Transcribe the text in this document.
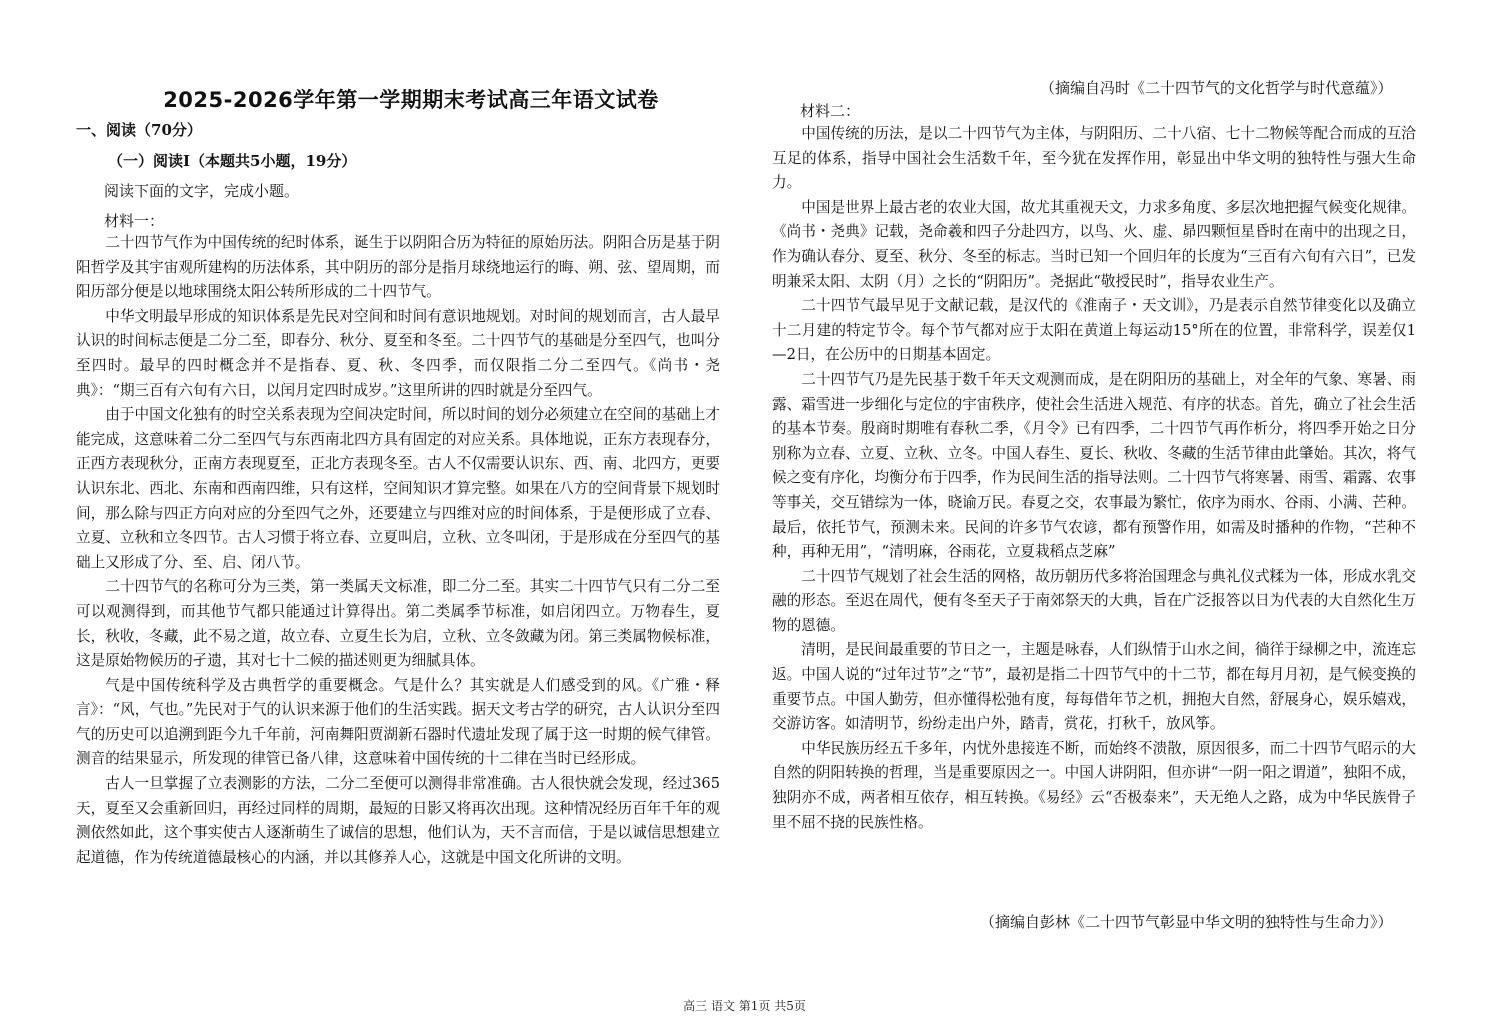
2025-2026学年第一学期期末考试高三年语文试卷
一、阅读（70分）
（一）阅读Ⅰ（本题共5小题，19分）
阅读下面的文字，完成小题。
材料一：

二十四节气作为中国传统的纪时体系，诞生于以阴阳合历为特征的原始历法。阴阳合历是基于阴阳哲学及其宇宙观所建构的历法体系，其中阴历的部分是指月球绕地运行的晦、朔、弦、望周期，而阳历部分便是以地球围绕太阳公转所形成的二十四节气。

中华文明最早形成的知识体系是先民对空间和时间有意识地规划。对时间的规划而言，古人最早认识的时间标志便是二分二至，即春分、秋分、夏至和冬至。二十四节气的基础是分至四气，也叫分至四时。最早的四时概念并不是指春、夏、秋、冬四季，而仅限指二分二至四气。《尚书・尧典》：“期三百有六旬有六日，以闰月定四时成岁。”这里所讲的四时就是分至四气。

由于中国文化独有的时空关系表现为空间决定时间，所以时间的划分必须建立在空间的基础上才能完成，这意味着二分二至四气与东西南北四方具有固定的对应关系。具体地说，正东方表现春分，正西方表现秋分，正南方表现夏至，正北方表现冬至。古人不仅需要认识东、西、南、北四方，更要认识东北、西北、东南和西南四维，只有这样，空间知识才算完整。如果在八方的空间背景下规划时间，那么除与四正方向对应的分至四气之外，还要建立与四维对应的时间体系，于是便形成了立春、立夏、立秋和立冬四节。古人习惯于将立春、立夏叫启，立秋、立冬叫闭，于是形成在分至四气的基础上又形成了分、至、启、闭八节。

二十四节气的名称可分为三类，第一类属天文标准，即二分二至。其实二十四节气只有二分二至可以观测得到，而其他节气都只能通过计算得出。第二类属季节标准，如启闭四立。万物春生，夏长，秋收，冬藏，此不易之道，故立春、立夏生长为启，立秋、立冬敛藏为闭。第三类属物候标准，这是原始物候历的孑遗，其对七十二候的描述则更为细腻具体。

气是中国传统科学及古典哲学的重要概念。气是什么？其实就是人们感受到的风。《广雅・释言》：“风，气也。”先民对于气的认识来源于他们的生活实践。据天文考古学的研究，古人认识分至四气的历史可以追溯到距今九千年前，河南舞阳贾湖新石器时代遗址发现了属于这一时期的候气律管。测音的结果显示，所发现的律管已备八律，这意味着中国传统的十二律在当时已经形成。

古人一旦掌握了立表测影的方法，二分二至便可以测得非常准确。古人很快就会发现，经过365天，夏至又会重新回归，再经过同样的周期，最短的日影又将再次出现。这种情况经历百年千年的观测依然如此，这个事实使古人逐渐萌生了诚信的思想，他们认为，天不言而信，于是以诚信思想建立起道德，作为传统道德最核心的内涵，并以其修养人心，这就是中国文化所讲的文明。

（摘编自冯时《二十四节气的文化哲学与时代意蕴》）
材料二：

中国传统的历法，是以二十四节气为主体，与阴阳历、二十八宿、七十二物候等配合而成的互洽互足的体系，指导中国社会生活数千年，至今犹在发挥作用，彰显出中华文明的独特性与强大生命力。

中国是世界上最古老的农业大国，故尤其重视天文，力求多角度、多层次地把握气候变化规律。《尚书・尧典》记载，尧命羲和四子分赴四方，以鸟、火、虚、昴四颗恒星昏时在南中的出现之日，作为确认春分、夏至、秋分、冬至的标志。当时已知一个回归年的长度为“三百有六旬有六日”，已发明兼采太阳、太阴（月）之长的“阴阳历”。尧据此“敬授民时”，指导农业生产。

二十四节气最早见于文献记载，是汉代的《淮南子・天文训》，乃是表示自然节律变化以及确立十二月建的特定节令。每个节气都对应于太阳在黄道上每运动15°所在的位置，非常科学，误差仅1—2日，在公历中的日期基本固定。

二十四节气乃是先民基于数千年天文观测而成，是在阴阳历的基础上，对全年的气象、寒暑、雨露、霜雪进一步细化与定位的宇宙秩序，使社会生活进入规范、有序的状态。首先，确立了社会生活的基本节奏。殷商时期唯有春秋二季，《月令》已有四季，二十四节气再作析分，将四季开始之日分别称为立春、立夏、立秋、立冬。中国人春生、夏长、秋收、冬藏的生活节律由此肇始。其次，将气候之变有序化，均衡分布于四季，作为民间生活的指导法则。二十四节气将寒暑、雨雪、霜露、农事等事关，交互错综为一体，晓谕万民。春夏之交，农事最为繁忙，依序为雨水、谷雨、小满、芒种。最后，依托节气，预测未来。民间的许多节气农谚，都有预警作用，如需及时播种的作物，“芒种不种，再种无用”，“清明麻，谷雨花，立夏栽稻点芝麻”

二十四节气规划了社会生活的网格，故历朝历代多将治国理念与典礼仪式糅为一体，形成水乳交融的形态。至迟在周代，便有冬至天子于南郊祭天的大典，旨在广泛报答以日为代表的大自然化生万物的恩德。

清明，是民间最重要的节日之一，主题是咏春，人们纵情于山水之间，徜徉于绿柳之中，流连忘返。中国人说的“过年过节”之“节”，最初是指二十四节气中的十二节，都在每月月初，是气候变换的重要节点。中国人勤劳，但亦懂得松弛有度，每每借年节之机，拥抱大自然，舒展身心，娱乐嬉戏，交游访客。如清明节，纷纷走出户外，踏青，赏花，打秋千，放风筝。

中华民族历经五千多年，内忧外患接连不断，而始终不溃散，原因很多，而二十四节气昭示的大自然的阴阳转换的哲理，当是重要原因之一。中国人讲阴阳，但亦讲“一阴一阳之谓道”，独阳不成，独阴亦不成，两者相互依存，相互转换。《易经》云“否极泰来”，天无绝人之路，成为中华民族骨子里不屈不挠的民族性格。

（摘编自彭林《二十四节气彰显中华文明的独特性与生命力》）
高三 语文 第1页 共5页
